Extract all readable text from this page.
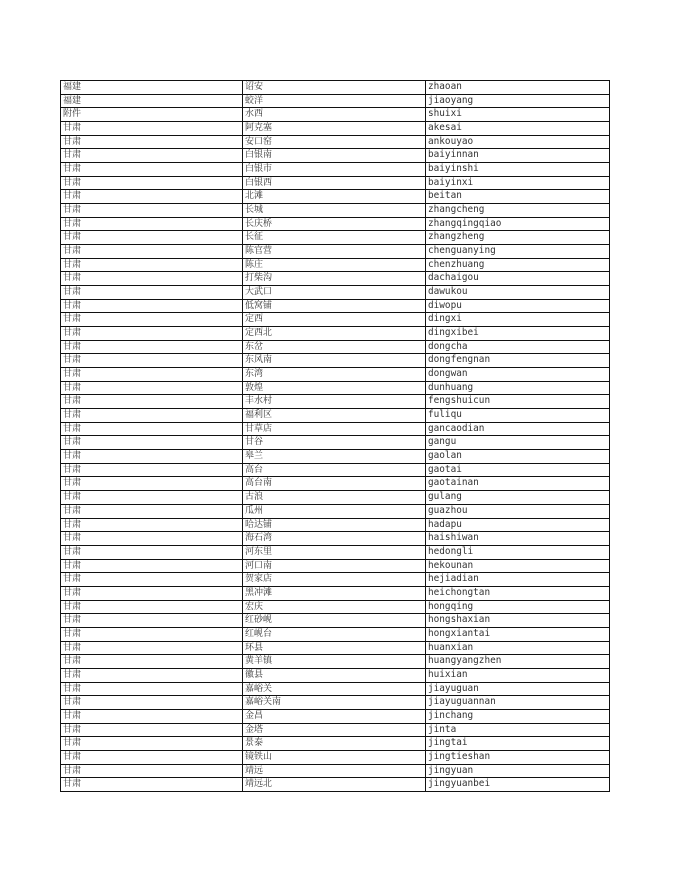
福建	诏安	zhaoan
福建	蛟洋	jiaoyang
附件	水西	shuixi
甘肃	阿克塞	akesai
甘肃	安口窑	ankouyao
甘肃	白银南	baiyinnan
甘肃	白银市	baiyinshi
甘肃	白银西	baiyinxi
甘肃	北滩	beitan
甘肃	长城	zhangcheng
甘肃	长庆桥	zhangqingqiao
甘肃	长征	zhangzheng
甘肃	陈官营	chenguanying
甘肃	陈庄	chenzhuang
甘肃	打柴沟	dachaigou
甘肃	大武口	dawukou
甘肃	低窝铺	diwopu
甘肃	定西	dingxi
甘肃	定西北	dingxibei
甘肃	东岔	dongcha
甘肃	东风南	dongfengnan
甘肃	东湾	dongwan
甘肃	敦煌	dunhuang
甘肃	丰水村	fengshuicun
甘肃	福利区	fuliqu
甘肃	甘草店	gancaodian
甘肃	甘谷	gangu
甘肃	皋兰	gaolan
甘肃	高台	gaotai
甘肃	高台南	gaotainan
甘肃	古浪	gulang
甘肃	瓜州	guazhou
甘肃	哈达铺	hadapu
甘肃	海石湾	haishiwan
甘肃	河东里	hedongli
甘肃	河口南	hekounan
甘肃	贺家店	hejiadian
甘肃	黑冲滩	heichongtan
甘肃	宏庆	hongqing
甘肃	红砂岘	hongshaxian
甘肃	红岘台	hongxiantai
甘肃	环县	huanxian
甘肃	黄羊镇	huangyangzhen
甘肃	徽县	huixian
甘肃	嘉峪关	jiayuguan
甘肃	嘉峪关南	jiayuguannan
甘肃	金昌	jinchang
甘肃	金塔	jinta
甘肃	景泰	jingtai
甘肃	镜铁山	jingtieshan
甘肃	靖远	jingyuan
甘肃	靖远北	jingyuanbei
